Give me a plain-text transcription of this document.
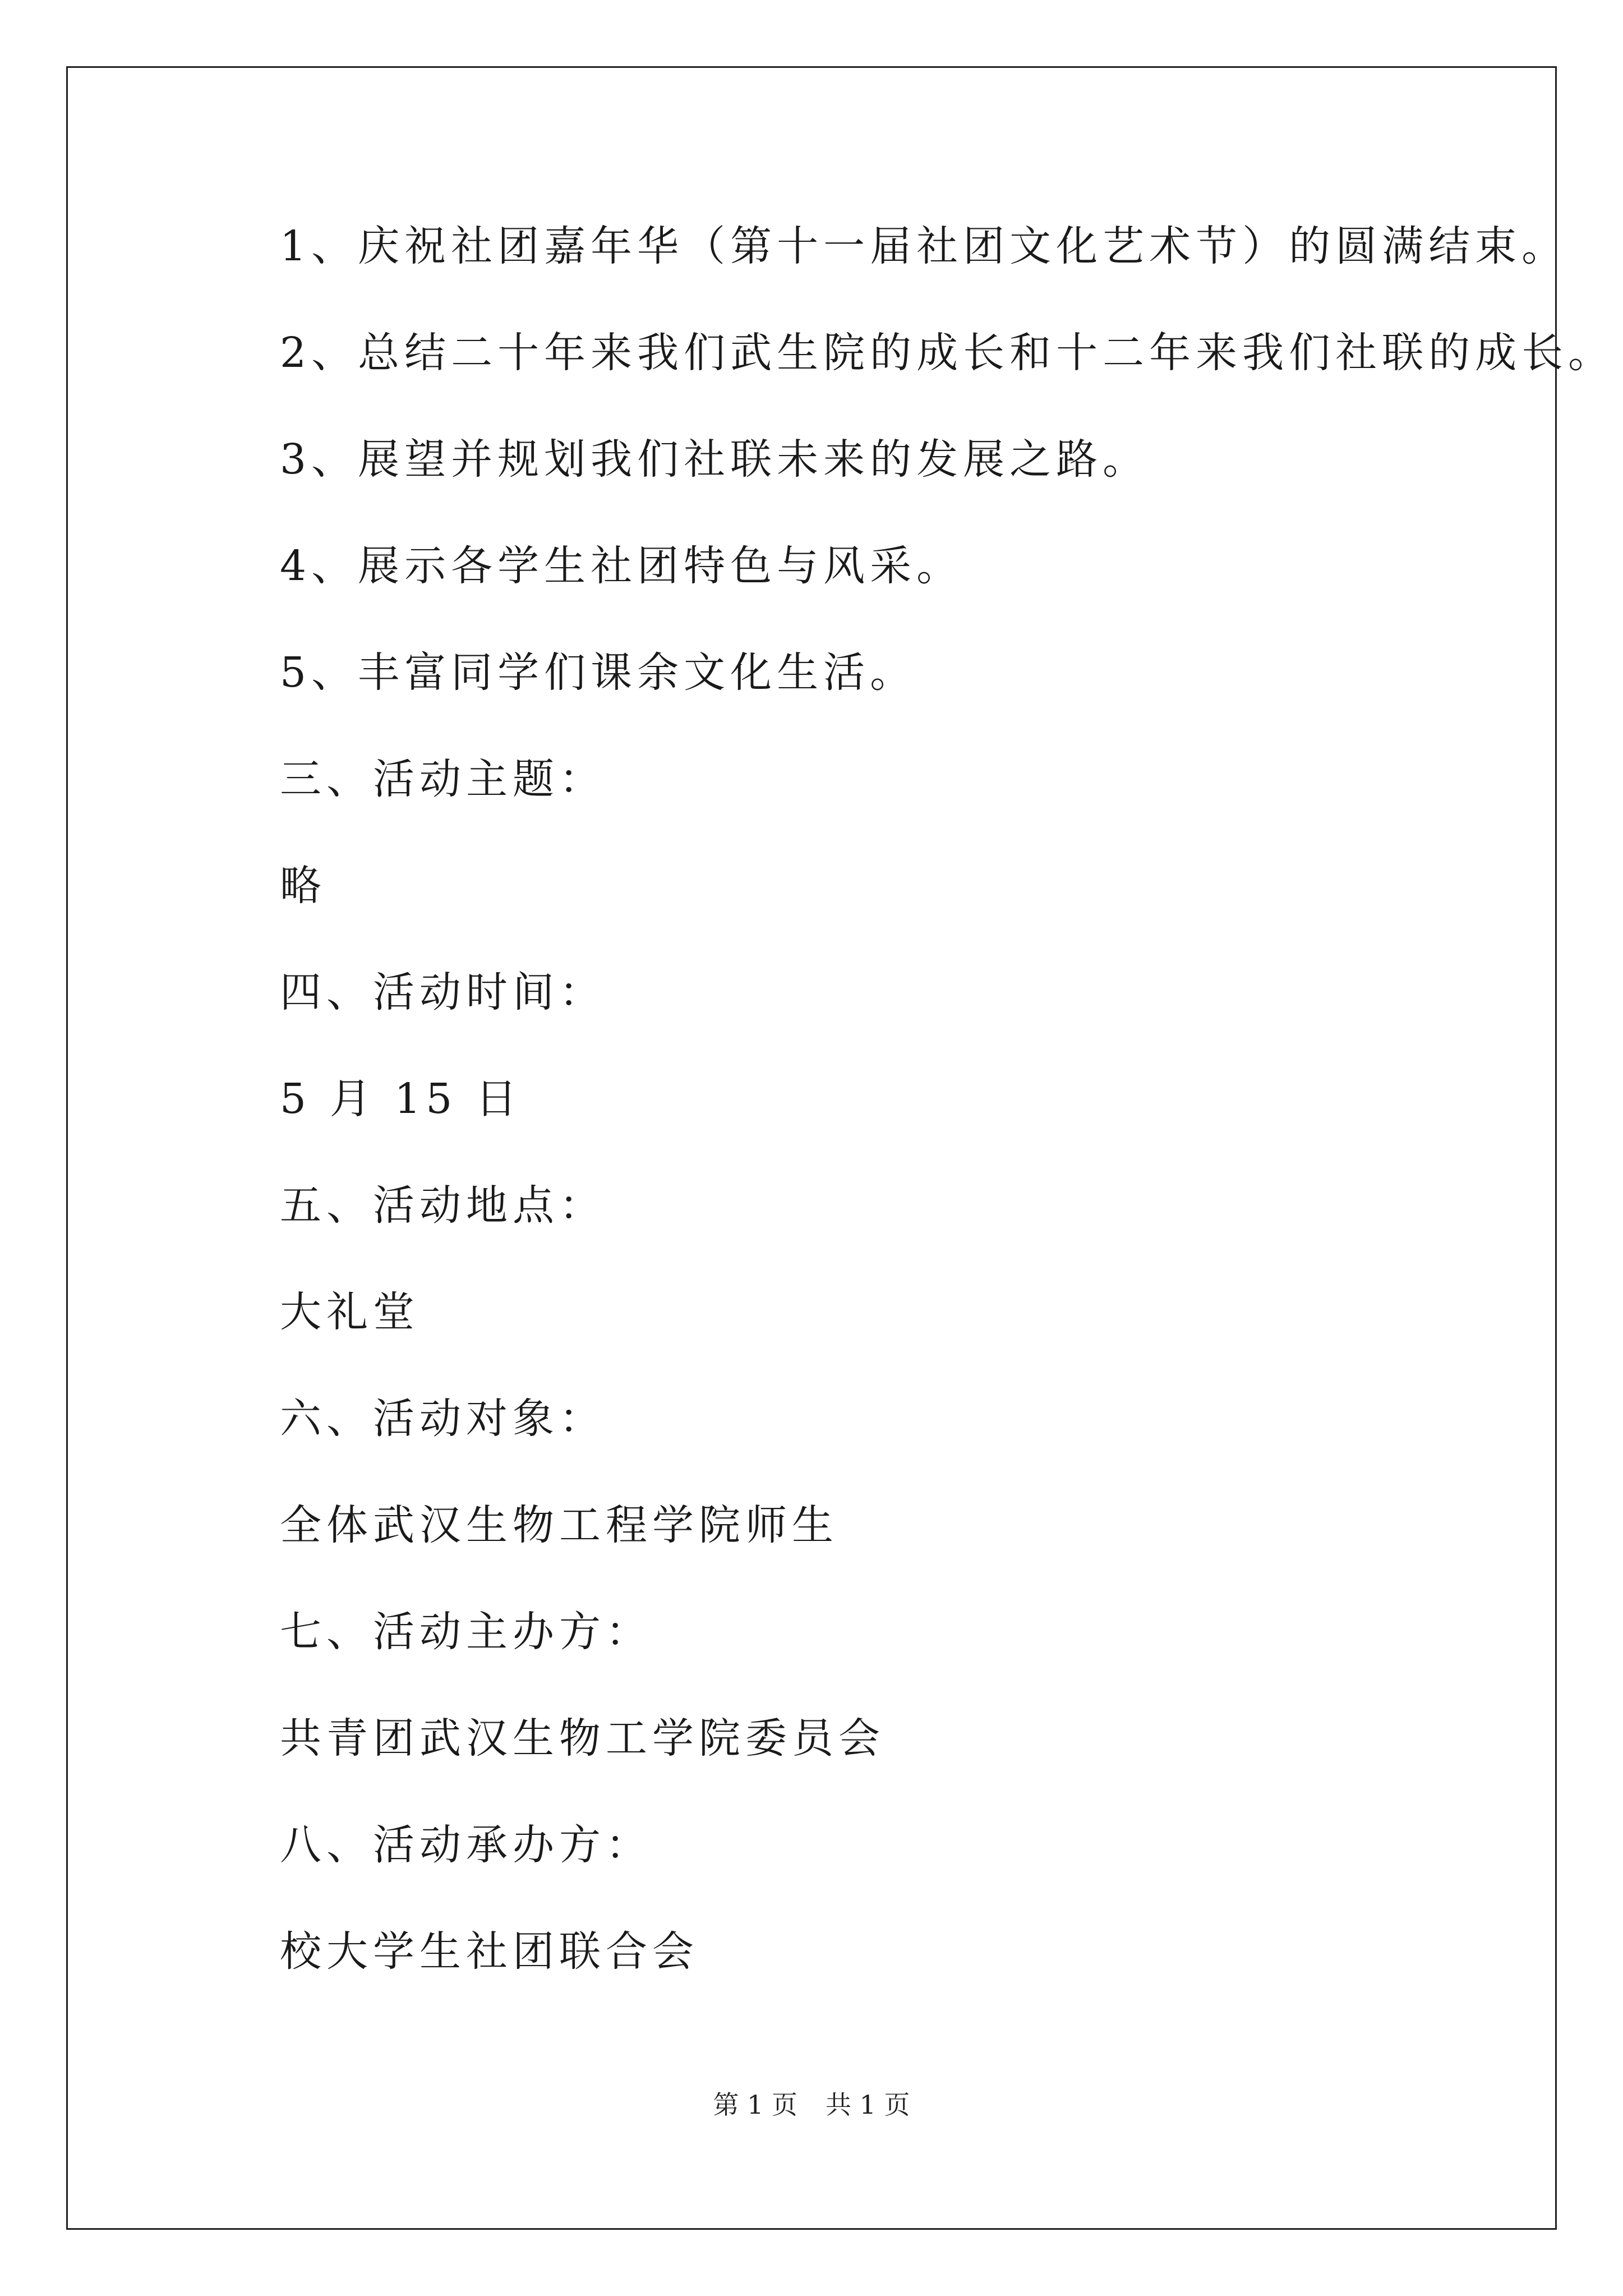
1、庆祝社团嘉年华（第十一届社团文化艺术节）的圆满结束。
2、总结二十年来我们武生院的成长和十二年来我们社联的成长。
3、展望并规划我们社联未来的发展之路。
4、展示各学生社团特色与风采。
5、丰富同学们课余文化生活。
三、活动主题：
略
四、活动时间：
5 月 15 日
五、活动地点：
大礼堂
六、活动对象：
全体武汉生物工程学院师生
七、活动主办方：
共青团武汉生物工学院委员会
八、活动承办方：
校大学生社团联合会
第 1 页 共 1 页
